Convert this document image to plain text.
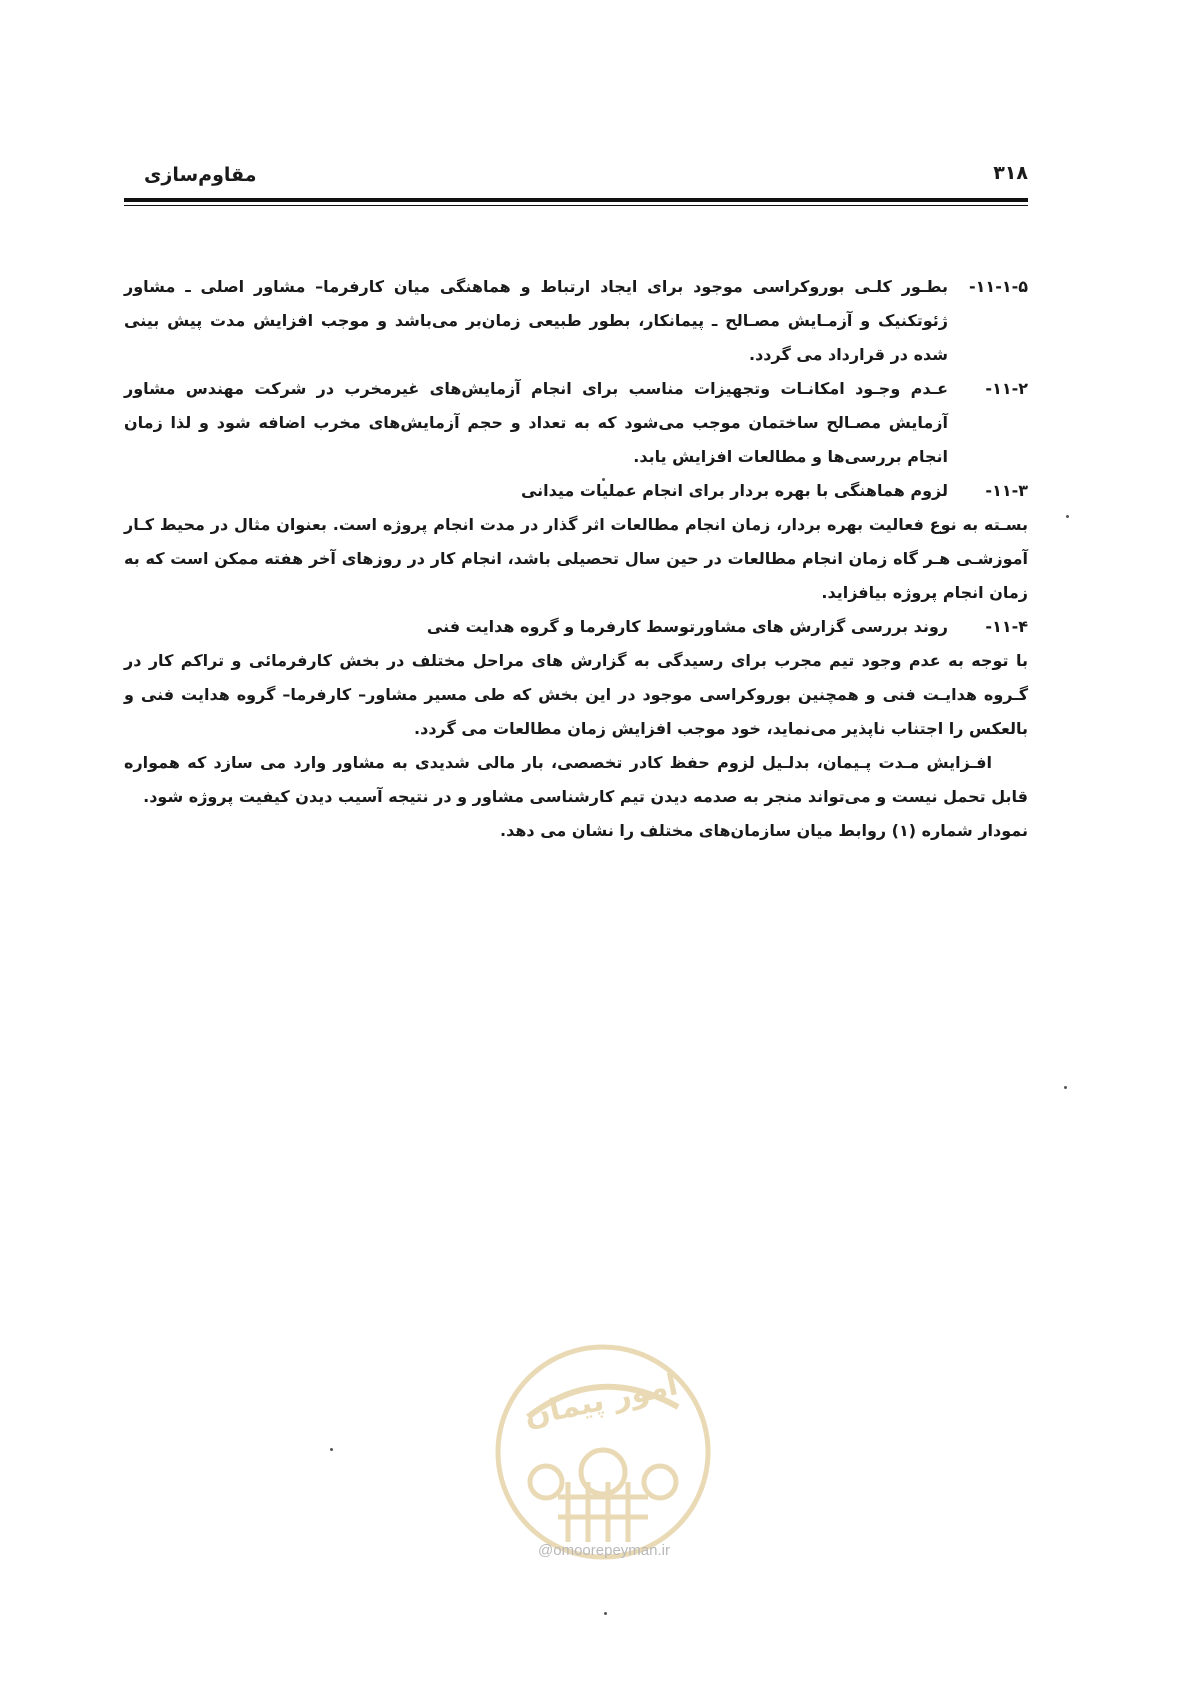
۳۱۸
مقاوم‌سازی
۱۱-۱-۵-
بطـور کلـی بوروکراسی موجود برای ایجاد ارتباط و هماهنگی میان کارفرما– مشاور اصلی ـ مشاور ژئوتکنیک و آزمـایش مصـالح ـ پیمانکار، بطور طبیعی زمان‌بر می‌باشد و موجب افزایش مدت پیش بینی شده در قرارداد می گردد.
۱۱-۲-
عـدم وجـود امکانـات وتجهیزات مناسب برای انجام آزمایش‌های غیرمخرب در شرکت مهندس مشاور آزمایش مصـالح ساختمان موجب می‌شود که به تعداد و حجم آزمایش‌های مخرب اضافه شود و لذا زمان انجام بررسی‌ها و مطالعات افزایش یابد.
۱۱-۳-
لزوم هماهنگی با بهره بردار برای انجام عملیات میدانی

بسـته به نوع فعالیت بهره بردار، زمان انجام مطالعات اثر گذار در مدت انجام پروژه است. بعنوان مثال در محیط کـار آموزشـی هـر گاه زمان انجام مطالعات در حین سال تحصیلی باشد، انجام کار در روزهای آخر هفته ممکن است که به زمان انجام پروژه بیافزاید.

۱۱-۴-
روند بررسی گزارش های مشاورتوسط کارفرما و گروه هدایت فنی

با توجه به عدم وجود تیم مجرب برای رسیدگی به گزارش های مراحل مختلف در بخش کارفرمائی و تراکم کار در گـروه هدایـت فنی و همچنین بوروکراسی موجود در این بخش که طی مسیر مشاور– کارفرما– گروه هدایت فنی و بالعکس را اجتناب ناپذیر می‌نماید، خود موجب افزایش زمان مطالعات می گردد.

افـزایش مـدت پـیمان، بدلـیل لزوم حفظ کادر تخصصی، بار مالی شدیدی به مشاور وارد می سازد که همواره قابل تحمل نیست و می‌تواند منجر به صدمه دیدن تیم کارشناسی مشاور و در نتیجه آسیب دیدن کیفیت پروژه شود.

نمودار شماره (۱) روابط میان سازمان‌های مختلف را نشان می دهد.

امور پیمان
@omoorepeyman.ir
